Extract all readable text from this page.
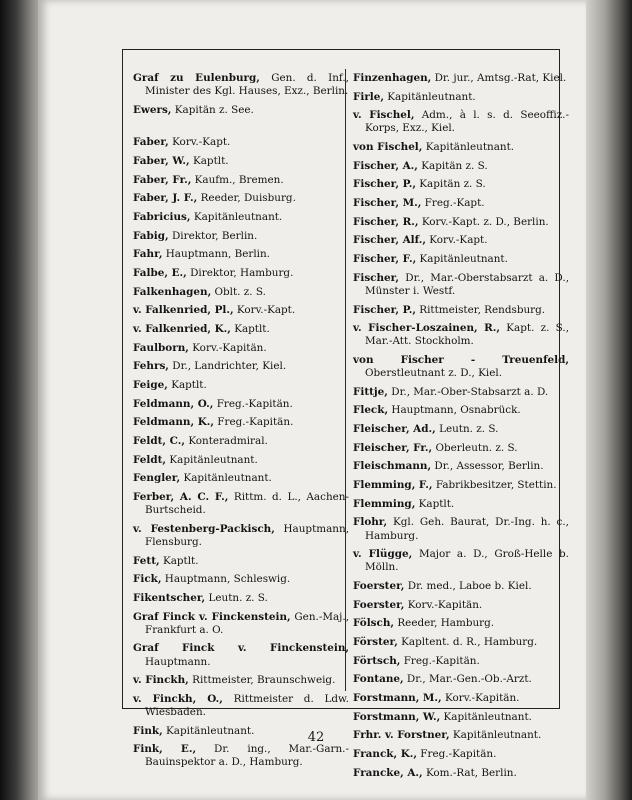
Graf zu Eulenburg, Gen. d. Inf., Minister des Kgl. Hauses, Exz., Berlin.
Ewers, Kapitän z. See.
Faber, Korv.-Kapt.
Faber, W., Kaptlt.
Faber, Fr., Kaufm., Bremen.
Faber, J. F., Reeder, Duisburg.
Fabricius, Kapitänleutnant.
Fabig, Direktor, Berlin.
Fahr, Hauptmann, Berlin.
Falbe, E., Direktor, Hamburg.
Falkenhagen, Oblt. z. S.
v. Falkenried, Pl., Korv.-Kapt.
v. Falkenried, K., Kaptlt.
Faulborn, Korv.-Kapitän.
Fehrs, Dr., Landrichter, Kiel.
Feige, Kaptlt.
Feldmann, O., Freg.-Kapitän.
Feldmann, K., Freg.-Kapitän.
Feldt, C., Konteradmiral.
Feldt, Kapitänleutnant.
Fengler, Kapitänleutnant.
Ferber, A. C. F., Rittm. d. L., Aachen-Burtscheid.
v. Festenberg-Packisch, Hauptmann, Flensburg.
Fett, Kaptlt.
Fick, Hauptmann, Schleswig.
Fikentscher, Leutn. z. S.
Graf Finck v. Finckenstein, Gen.-Maj., Frankfurt a. O.
Graf Finck v. Finckenstein, Hauptmann.
v. Finckh, Rittmeister, Braunschweig.
v. Finckh, O., Rittmeister d. Ldw. Wiesbaden.
Fink, Kapitänleutnant.
Fink, E., Dr. ing., Mar.-Garn.-Bauinspektor a. D., Hamburg.
Finzenhagen, Dr. jur., Amtsg.-Rat, Kiel.
Firle, Kapitänleutnant.
v. Fischel, Adm., à l. s. d. Seeoffiz.-Korps, Exz., Kiel.
von Fischel, Kapitänleutnant.
Fischer, A., Kapitän z. S.
Fischer, P., Kapitän z. S.
Fischer, M., Freg.-Kapt.
Fischer, R., Korv.-Kapt. z. D., Berlin.
Fischer, Alf., Korv.-Kapt.
Fischer, F., Kapitänleutnant.
Fischer, Dr., Mar.-Oberstabsarzt a. D., Münster i. Westf.
Fischer, P., Rittmeister, Rendsburg.
v. Fischer-Loszainen, R., Kapt. z. S., Mar.-Att. Stockholm.
von Fischer - Treuenfeld, Oberstleutnant z. D., Kiel.
Fittje, Dr., Mar.-Ober-Stabsarzt a. D.
Fleck, Hauptmann, Osnabrück.
Fleischer, Ad., Leutn. z. S.
Fleischer, Fr., Oberleutn. z. S.
Fleischmann, Dr., Assessor, Berlin.
Flemming, F., Fabrikbesitzer, Stettin.
Flemming, Kaptlt.
Flohr, Kgl. Geh. Baurat, Dr.-Ing. h. c., Hamburg.
v. Flügge, Major a. D., Groß-Helle b. Mölln.
Foerster, Dr. med., Laboe b. Kiel.
Foerster, Korv.-Kapitän.
Fölsch, Reeder, Hamburg.
Förster, Kapltent. d. R., Hamburg.
Förtsch, Freg.-Kapitän.
Fontane, Dr., Mar.-Gen.-Ob.-Arzt.
Forstmann, M., Korv.-Kapitän.
Forstmann, W., Kapitänleutnant.
Frhr. v. Forstner, Kapitänleutnant.
Franck, K., Freg.-Kapitän.
Francke, A., Kom.-Rat, Berlin.
42
